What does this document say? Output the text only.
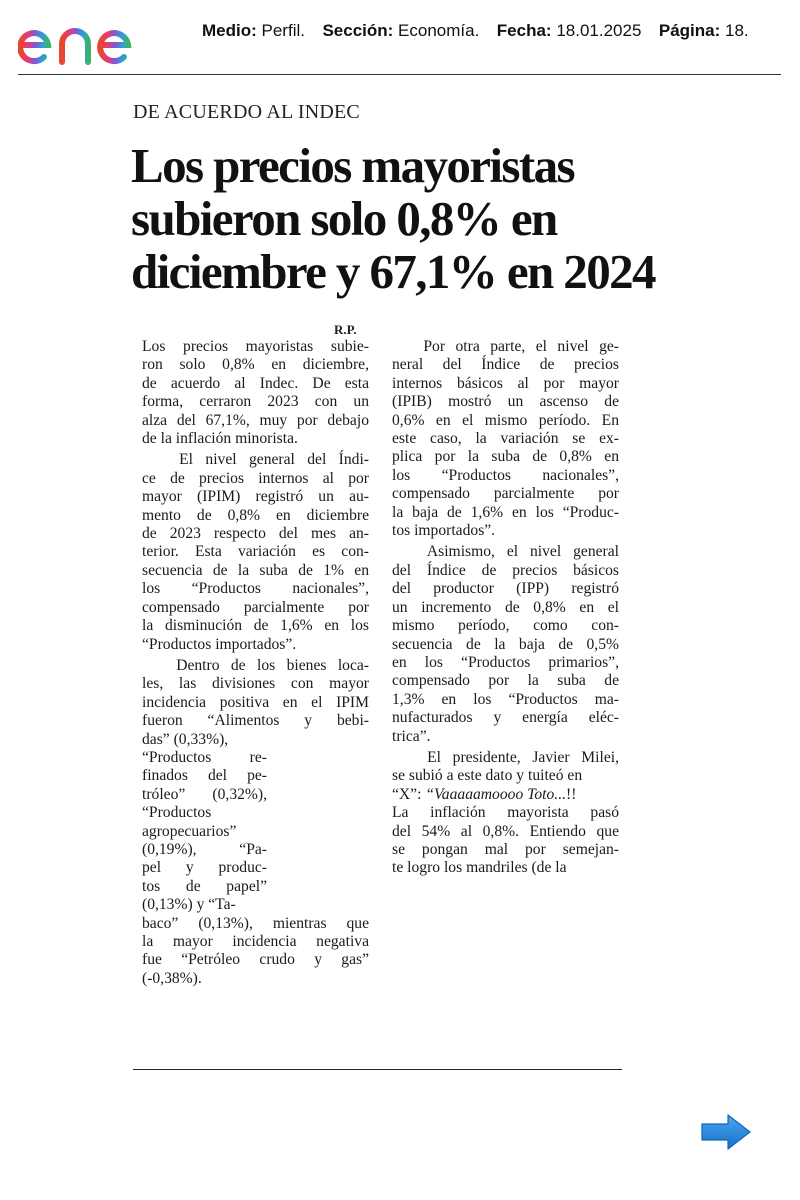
Medio: Perfil. Sección: Economía. Fecha: 18.01.2025 Página: 18.
DE ACUERDO AL INDEC
Los precios mayoristas
subieron solo 0,8% en
diciembre y 67,1% en 2024
R.P.

Los precios mayoristas subie-
ron solo 0,8% en diciembre,
de acuerdo al Indec. De esta
forma, cerraron 2023 con un
alza del 67,1%, muy por debajo
de la inflación minorista.

El nivel general del Índi-
ce de precios internos al por
mayor (IPIM) registró un au-
mento de 0,8% en diciembre
de 2023 respecto del mes an-
terior. Esta variación es con-
secuencia de la suba de 1% en
los “Productos nacionales”,
compensado parcialmente por
la disminución de 1,6% en los
“Productos importados”.

Dentro de los bienes loca-
les, las divisiones con mayor
incidencia positiva en el IPIM
fueron “Alimentos y bebi-
das” (0,33%),

“Productos re-
finados del pe-
tróleo” (0,32%),
“Productos
agropecuarios”
(0,19%), “Pa-
pel y produc-
tos de papel”
(0,13%) y “Ta-

baco” (0,13%), mientras que
la mayor incidencia negativa
fue “Petróleo crudo y gas”
(-0,38%).

Por otra parte, el nivel ge-
neral del Índice de precios
internos básicos al por mayor
(IPIB) mostró un ascenso de
0,6% en el mismo período. En
este caso, la variación se ex-
plica por la suba de 0,8% en
los “Productos nacionales”,
compensado parcialmente por
la baja de 1,6% en los “Produc-
tos importados”.

Asimismo, el nivel general
del Índice de precios básicos
del productor (IPP) registró
un incremento de 0,8% en el
mismo período, como con-
secuencia de la baja de 0,5%
en los “Productos primarios”,
compensado por la suba de
1,3% en los “Productos ma-
nufacturados y energía eléc-
trica”.

El presidente, Javier Milei,
se subió a este dato y tuiteó en

“X”: “Vaaaaamoooo Toto...!!

La inflación mayorista pasó
del 54% al 0,8%. Entiendo que
se pongan mal por semejan-
te logro los mandriles (de la
